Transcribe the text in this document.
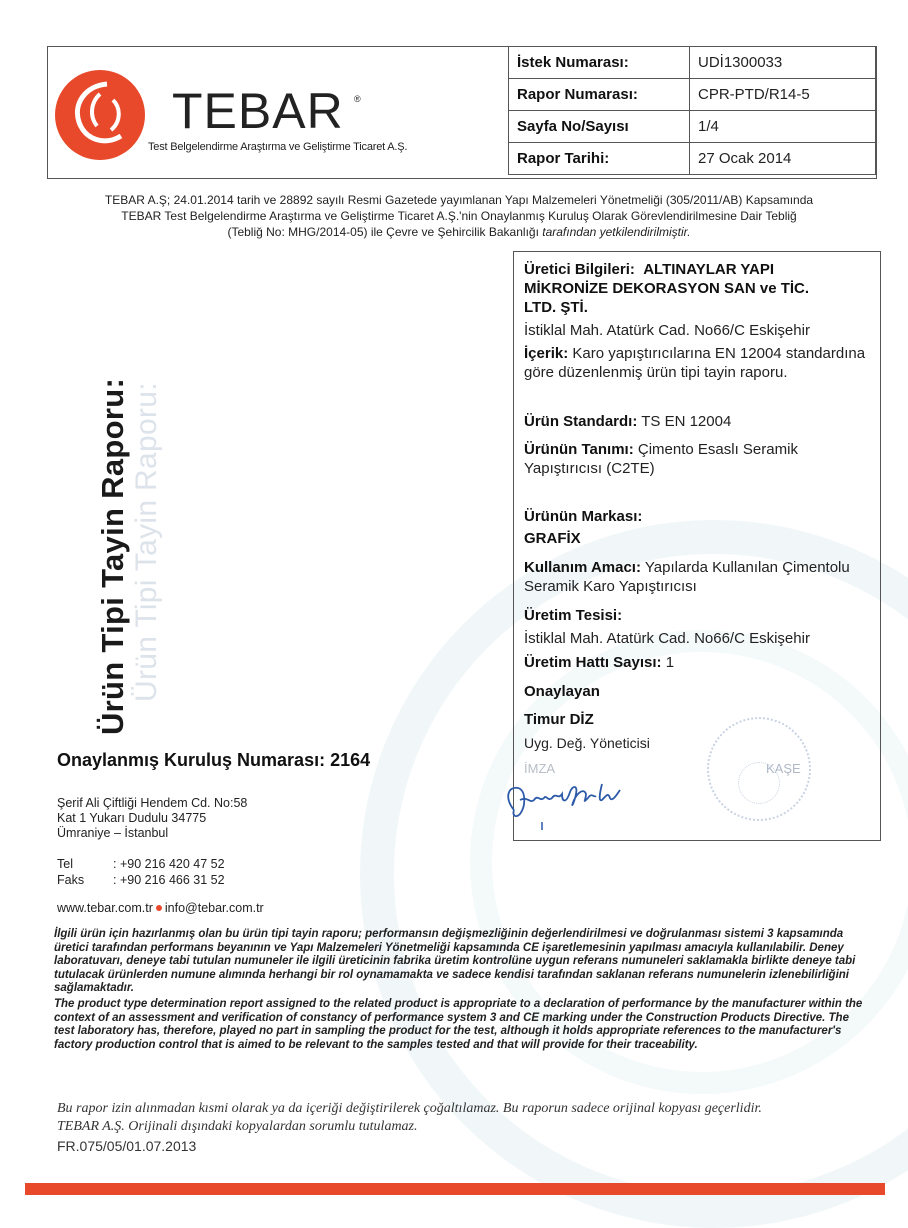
TEBAR ®
Test Belgelendirme Araştırma ve Geliştirme Ticaret A.Ş.
İstek Numarası:	UDİ1300033
Rapor Numarası:	CPR-PTD/R14-5
Sayfa No/Sayısı	1/4
Rapor Tarihi:	27 Ocak 2014
TEBAR A.Ş; 24.01.2014 tarih ve 28892 sayılı Resmi Gazetede yayımlanan Yapı Malzemeleri Yönetmeliği (305/2011/AB) Kapsamında
TEBAR Test Belgelendirme Araştırma ve Geliştirme Ticaret A.Ş.'nin Onaylanmış Kuruluş Olarak Görevlendirilmesine Dair Tebliğ
(Tebliğ No: MHG/2014-05) ile Çevre ve Şehircilik Bakanlığı tarafından yetkilendirilmiştir.
Ürün Tipi Tayin Raporu:
Ürün Tipi Tayin Raporu:
Üretici Bilgileri: ALTINAYLAR YAPI
MİKRONİZE DEKORASYON SAN ve TİC.
LTD. ŞTİ.
İstiklal Mah. Atatürk Cad. No66/C Eskişehir
İçerik: Karo yapıştırıcılarına EN 12004 standardına göre düzenlenmiş ürün tipi tayin raporu.
Ürün Standardı: TS EN 12004
Ürünün Tanımı: Çimento Esaslı Seramik Yapıştırıcısı (C2TE)
Ürünün Markası:
GRAFİX
Kullanım Amacı: Yapılarda Kullanılan Çimentolu Seramik Karo Yapıştırıcısı
Üretim Tesisi:
İstiklal Mah. Atatürk Cad. No66/C Eskişehir
Üretim Hattı Sayısı: 1
Onaylayan
Timur DİZ
Uyg. Değ. Yöneticisi
İMZA	KAŞE
Onaylanmış Kuruluş Numarası: 2164
Şerif Ali Çiftliği Hendem Cd. No:58
Kat 1 Yukarı Dudulu 34775
Ümraniye – İstanbul
Tel	: +90 216 420 47 52
Faks : +90 216 466 31 52
www.tebar.com.tr info@tebar.com.tr
İlgili ürün için hazırlanmış olan bu ürün tipi tayin raporu; performansın değişmezliğinin değerlendirilmesi ve doğrulanması sistemi 3 kapsamında üretici tarafından performans beyanının ve Yapı Malzemeleri Yönetmeliği kapsamında CE işaretlemesinin yapılması amacıyla kullanılabilir. Deney laboratuvarı, deneye tabi tutulan numuneler ile ilgili üreticinin fabrika üretim kontrolüne uygun referans numuneleri saklamakla birlikte deneye tabi tutulacak ürünlerden numune alımında herhangi bir rol oynamamakta ve sadece kendisi tarafından saklanan referans numunelerin izlenebilirliğini sağlamaktadır.
The product type determination report assigned to the related product is appropriate to a declaration of performance by the manufacturer within the context of an assessment and verification of constancy of performance system 3 and CE marking under the Construction Products Directive. The test laboratory has, therefore, played no part in sampling the product for the test, although it holds appropriate references to the manufacturer's factory production control that is aimed to be relevant to the samples tested and that will provide for their traceability.
Bu rapor izin alınmadan kısmi olarak ya da içeriği değiştirilerek çoğaltılamaz. Bu raporun sadece orijinal kopyası geçerlidir.
TEBAR A.Ş. Orijinali dışındaki kopyalardan sorumlu tutulamaz.
FR.075/05/01.07.2013
